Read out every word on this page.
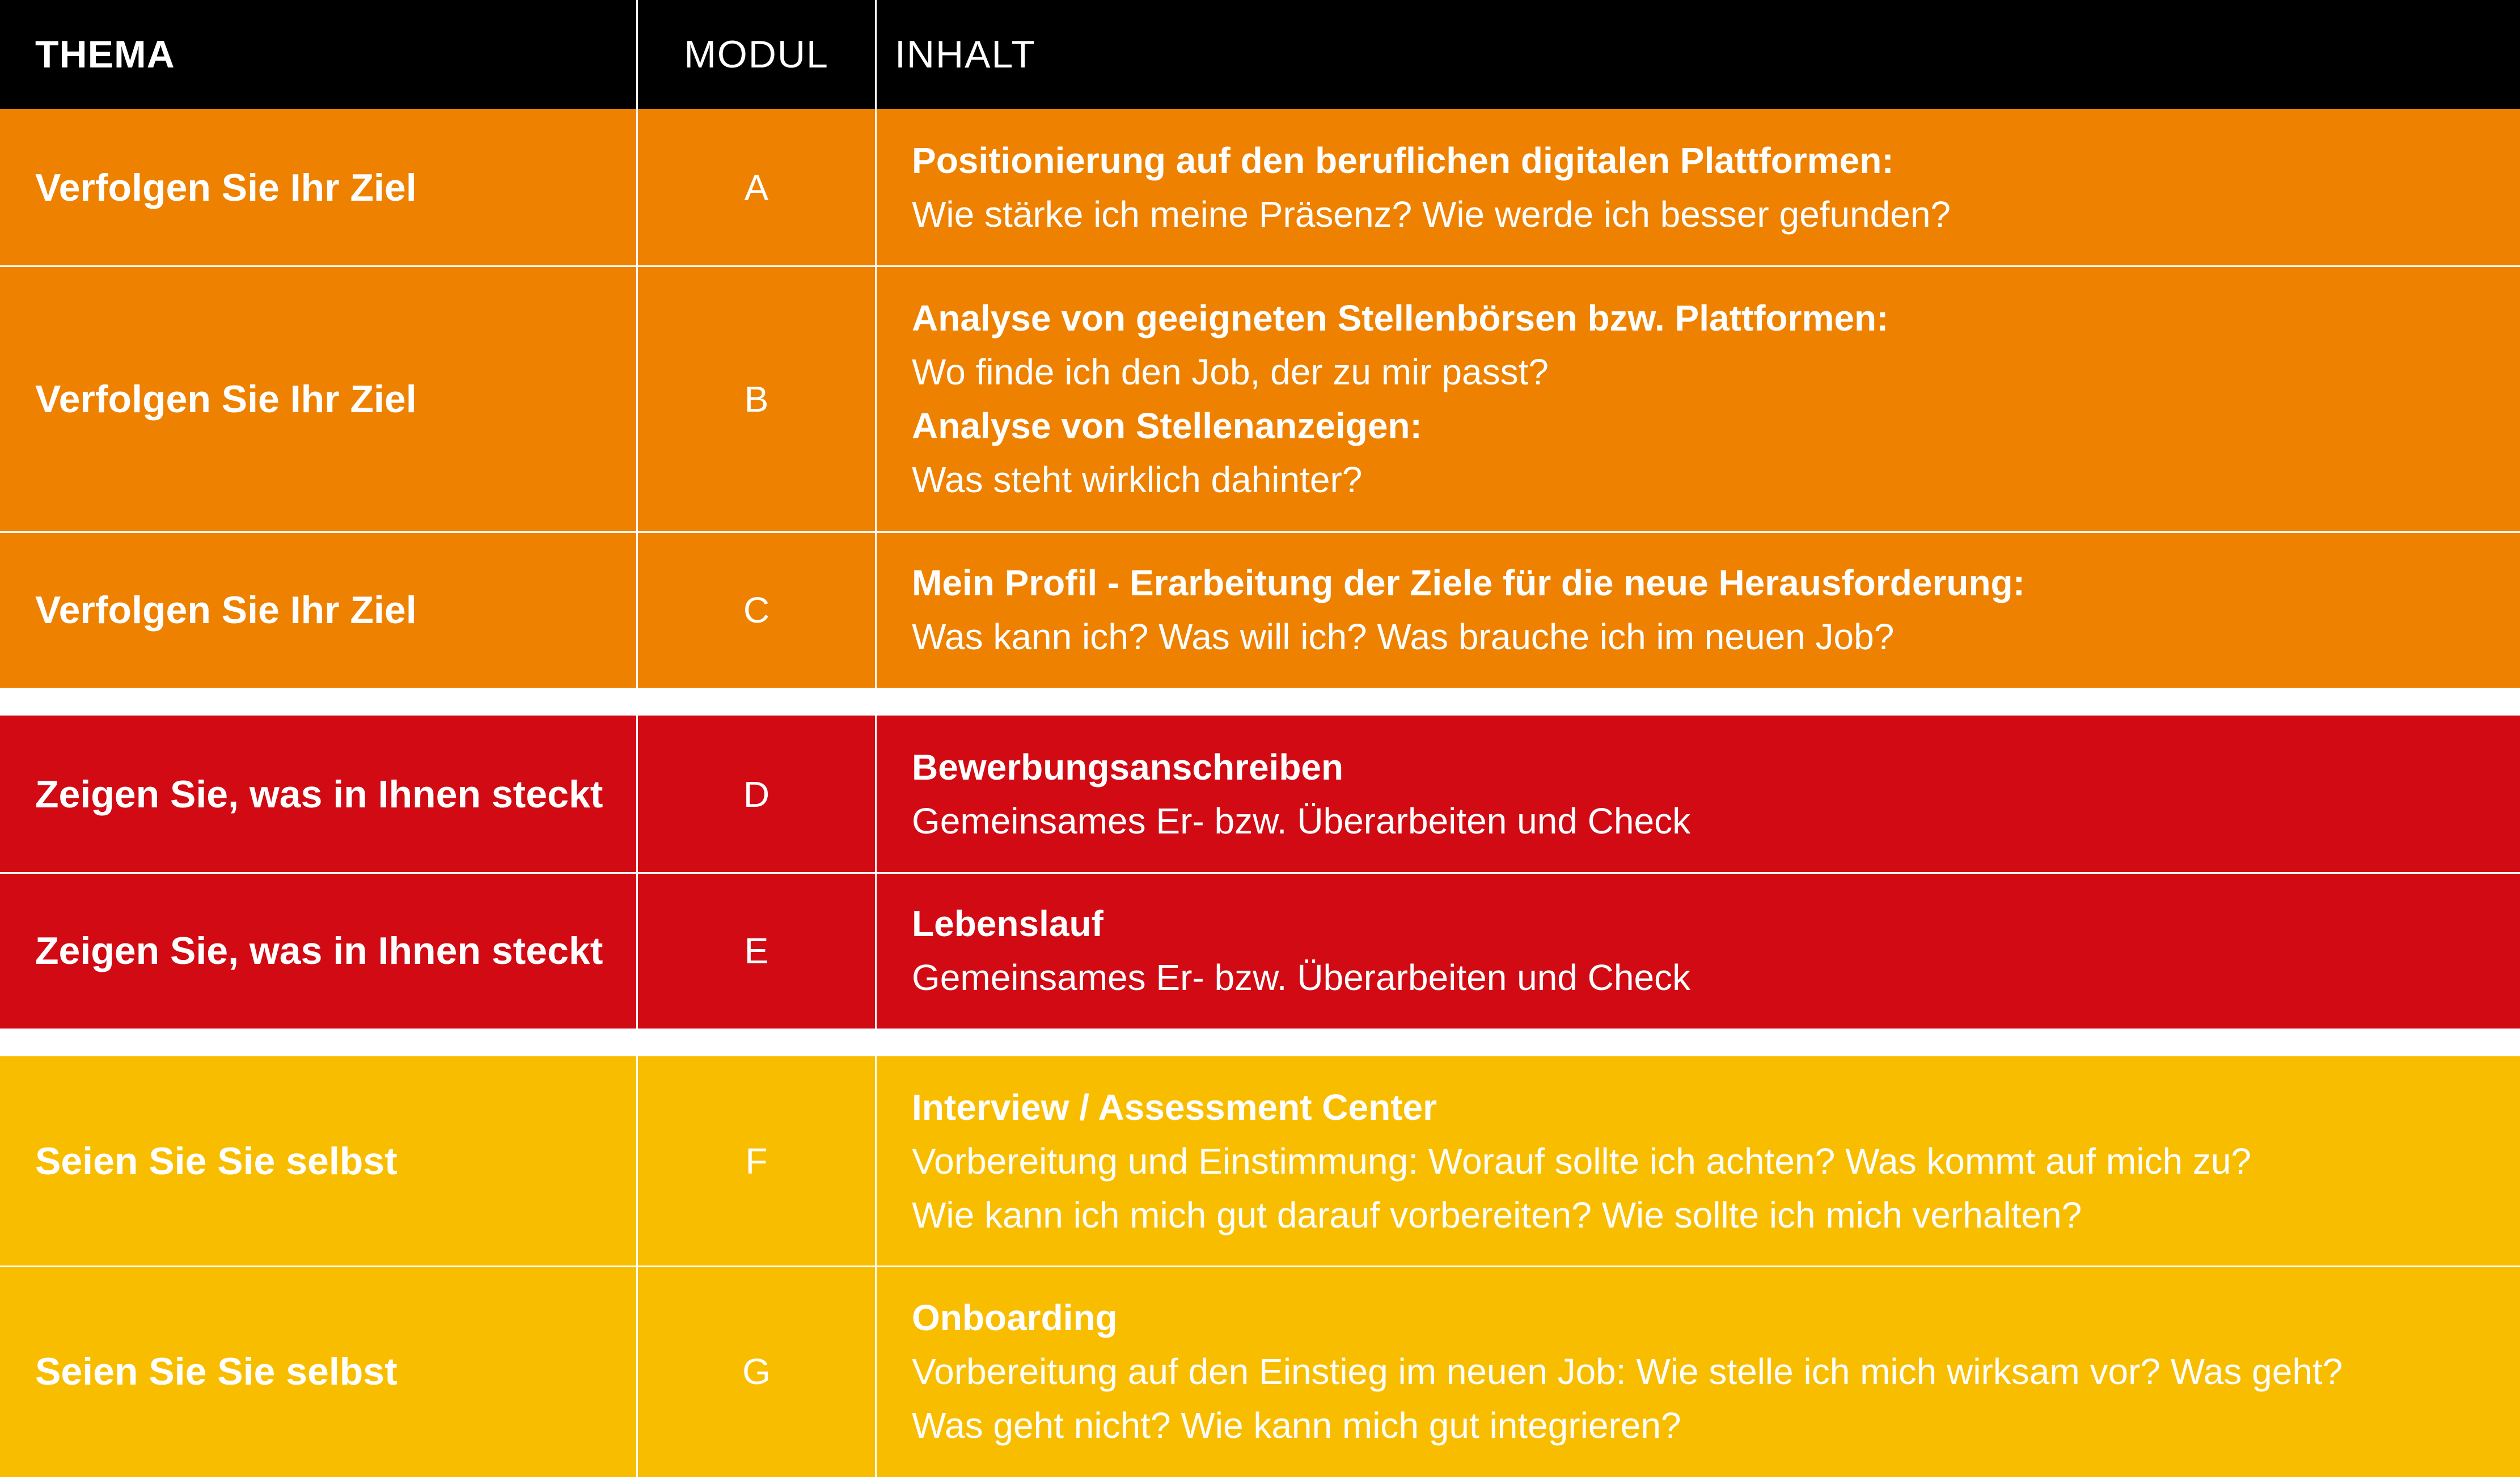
THEMA	MODUL	INHALT
Verfolgen Sie Ihr Ziel	A
Positionierung auf den beruflichen digitalen Plattformen:
Wie stärke ich meine Präsenz? Wie werde ich besser gefunden?
Verfolgen Sie Ihr Ziel	B
Analyse von geeigneten Stellenbörsen bzw. Plattformen:
Wo finde ich den Job, der zu mir passt?
Analyse von Stellenanzeigen:
Was steht wirklich dahinter?
Verfolgen Sie Ihr Ziel	C
Mein Profil - Erarbeitung der Ziele für die neue Herausforderung:
Was kann ich? Was will ich? Was brauche ich im neuen Job?
Zeigen Sie, was in Ihnen steckt	D
Bewerbungsanschreiben
Gemeinsames Er- bzw. Überarbeiten und Check
Zeigen Sie, was in Ihnen steckt	E
Lebenslauf
Gemeinsames Er- bzw. Überarbeiten und Check
Seien Sie Sie selbst	F
Interview / Assessment Center
Vorbereitung und Einstimmung: Worauf sollte ich achten? Was kommt auf mich zu?
Wie kann ich mich gut darauf vorbereiten? Wie sollte ich mich verhalten?
Seien Sie Sie selbst	G
Onboarding
Vorbereitung auf den Einstieg im neuen Job: Wie stelle ich mich wirksam vor? Was geht?
Was geht nicht? Wie kann mich gut integrieren?
